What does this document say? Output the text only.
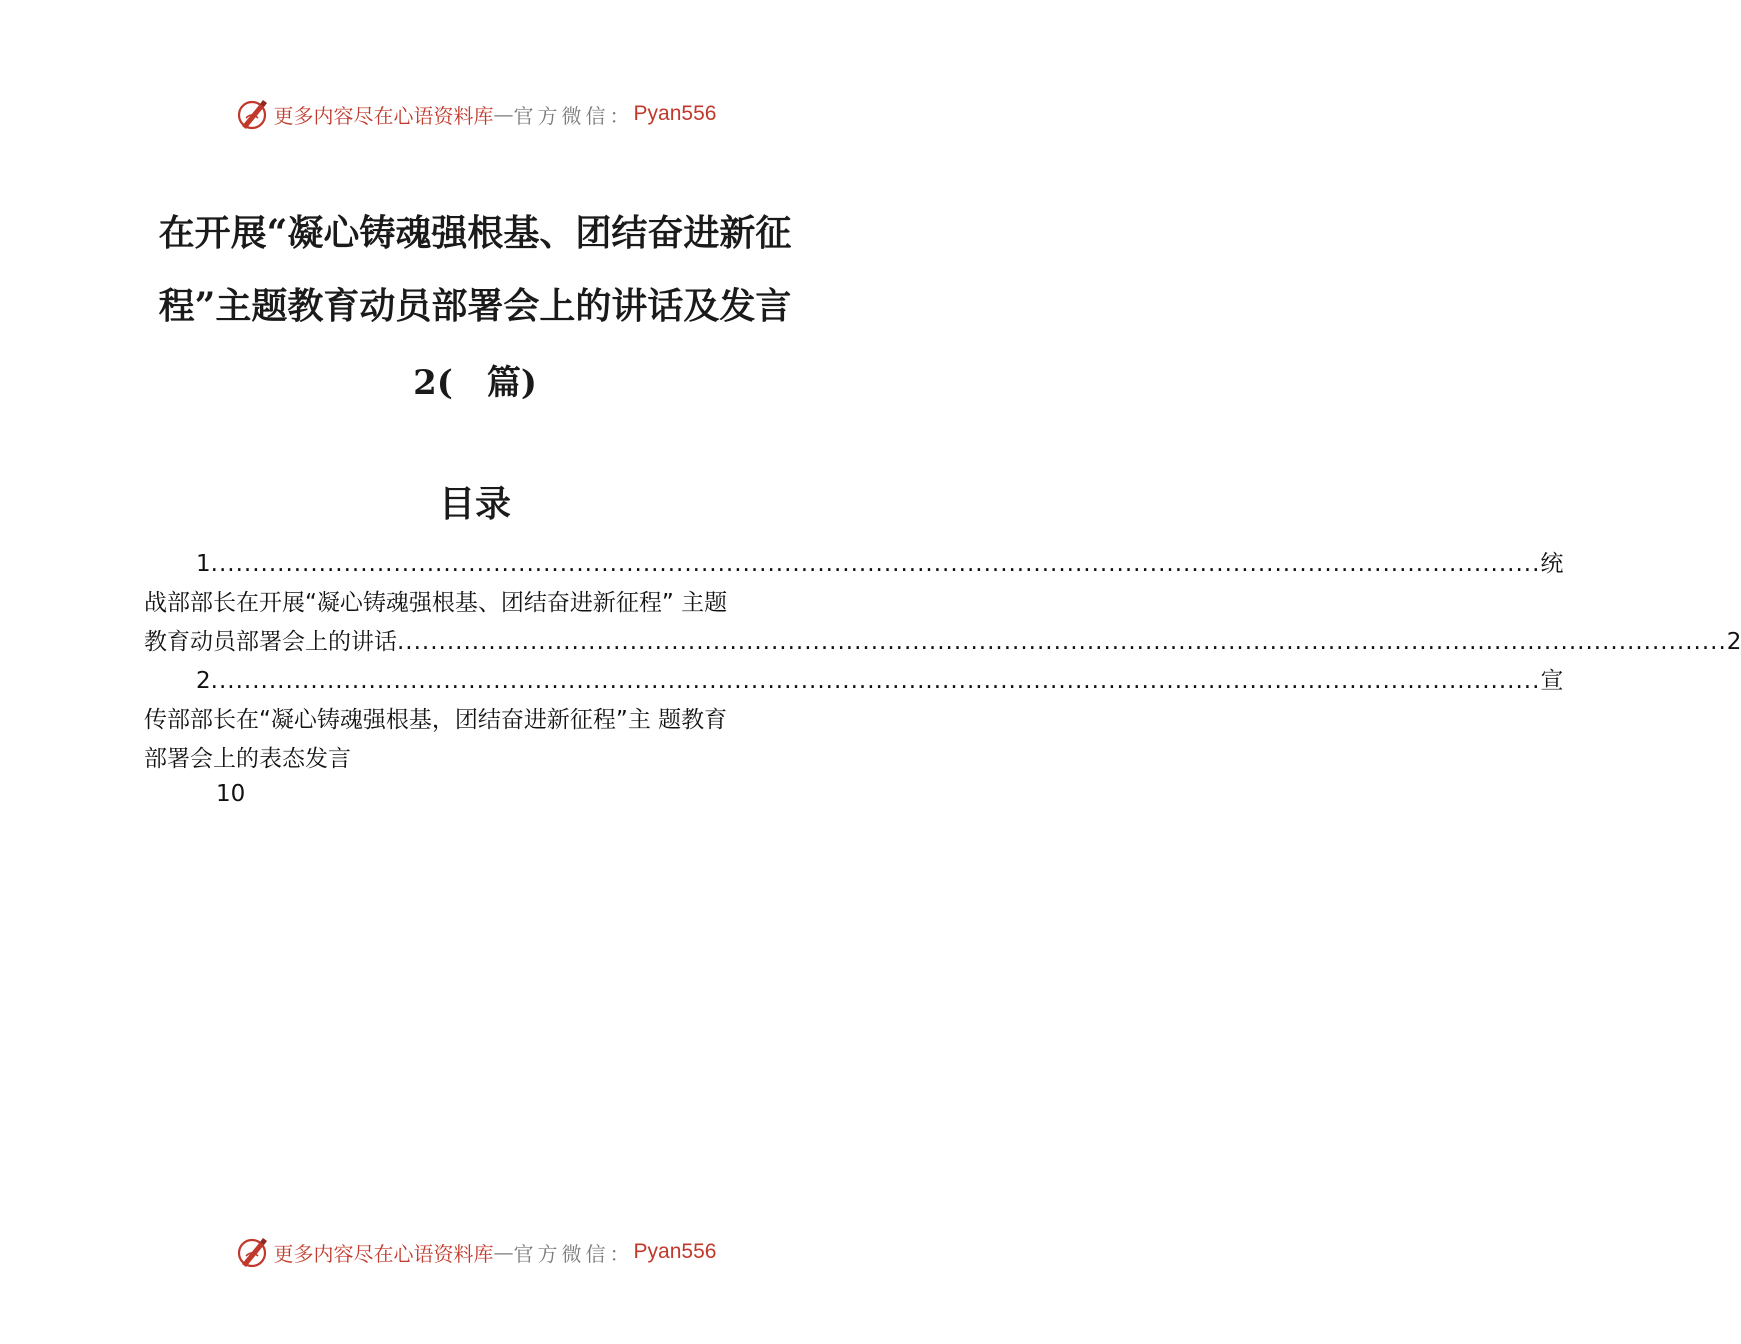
更多内容尽在心语资料库 — 官方微信： Pyan556
在开展“凝心铸魂强根基、团结奋进新征
程”主题教育动员部署会上的讲话及发言
2(　篇)
目录
1 ................................................................................................................................................................ 统
战部部长在开展“凝心铸魂强根基、团结奋进新征程” 主题
教育动员部署会上的讲话 ................................................................................................................................................................ 2
2 ................................................................................................................................................................ 宣
传部部长在“凝心铸魂强根基，团结奋进新征程”主 题教育
部署会上的表态发言
10
更多内容尽在心语资料库 — 官方微信： Pyan556
